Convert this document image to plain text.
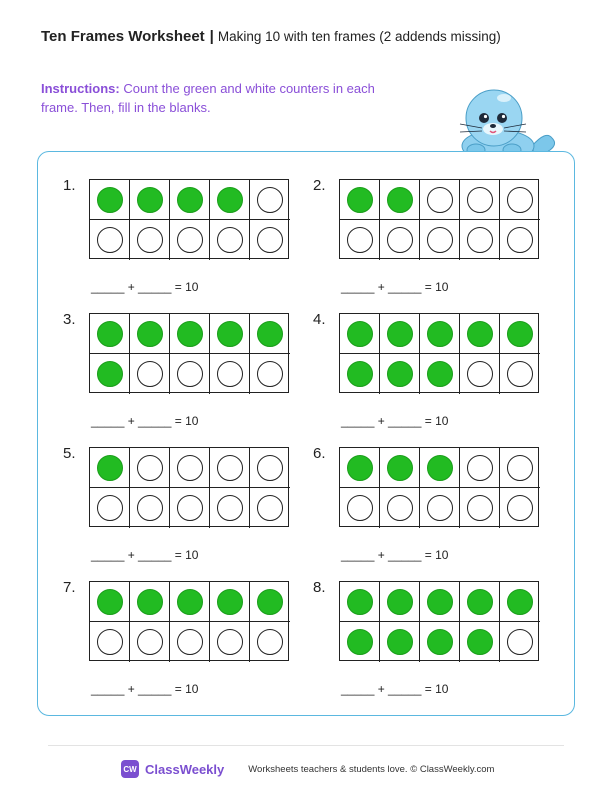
Ten Frames Worksheet | Making 10 with ten frames (2 addends missing)
Instructions: Count the green and white counters in each frame. Then, fill in the blanks.
1.
_____ + _____ = 10
2.
_____ + _____ = 10
3.
_____ + _____ = 10
4.
_____ + _____ = 10
5.
_____ + _____ = 10
6.
_____ + _____ = 10
7.
_____ + _____ = 10
8.
_____ + _____ = 10
CW ClassWeekly	Worksheets teachers & students love. © ClassWeekly.com
